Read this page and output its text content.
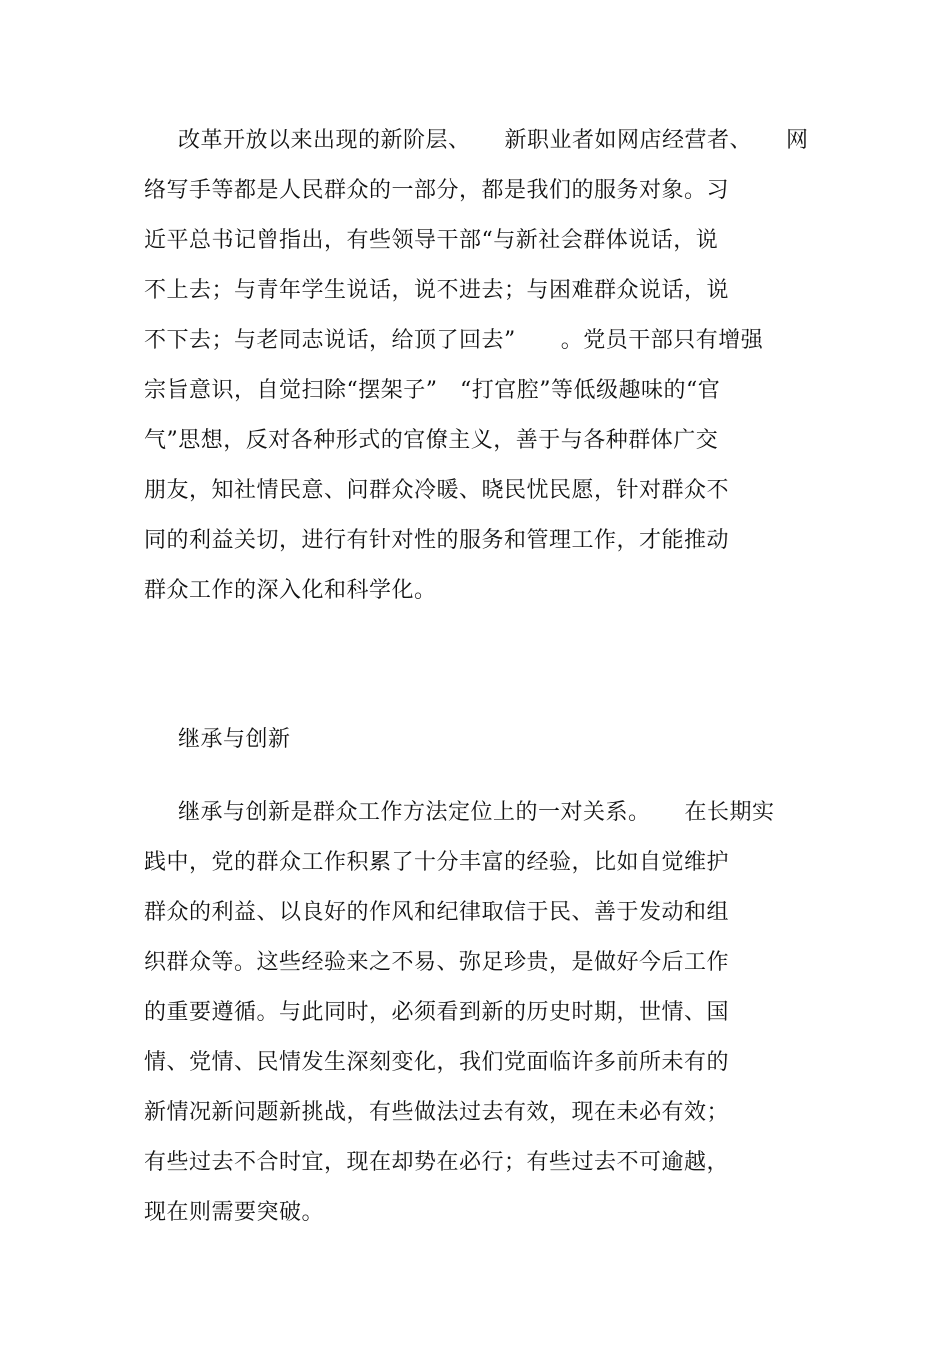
改革开放以来出现的新阶层、　　新职业者如网店经营者、　　网
络写手等都是人民群众的一部分，都是我们的服务对象。习
近平总书记曾指出，有些领导干部“与新社会群体说话，说
不上去；与青年学生说话，说不进去；与困难群众说话，说
不下去；与老同志说话，给顶了回去”　　。党员干部只有增强
宗旨意识，自觉扫除“摆架子”　“打官腔”等低级趣味的“官
气”思想，反对各种形式的官僚主义，善于与各种群体广交
朋友，知社情民意、问群众冷暖、晓民忧民愿，针对群众不
同的利益关切，进行有针对性的服务和管理工作，才能推动
群众工作的深入化和科学化。
继承与创新
继承与创新是群众工作方法定位上的一对关系。　　在长期实
践中，党的群众工作积累了十分丰富的经验，比如自觉维护
群众的利益、以良好的作风和纪律取信于民、善于发动和组
织群众等。这些经验来之不易、弥足珍贵，是做好今后工作
的重要遵循。与此同时，必须看到新的历史时期，世情、国
情、党情、民情发生深刻变化，我们党面临许多前所未有的
新情况新问题新挑战，有些做法过去有效，现在未必有效；
有些过去不合时宜，现在却势在必行；有些过去不可逾越，
现在则需要突破。
